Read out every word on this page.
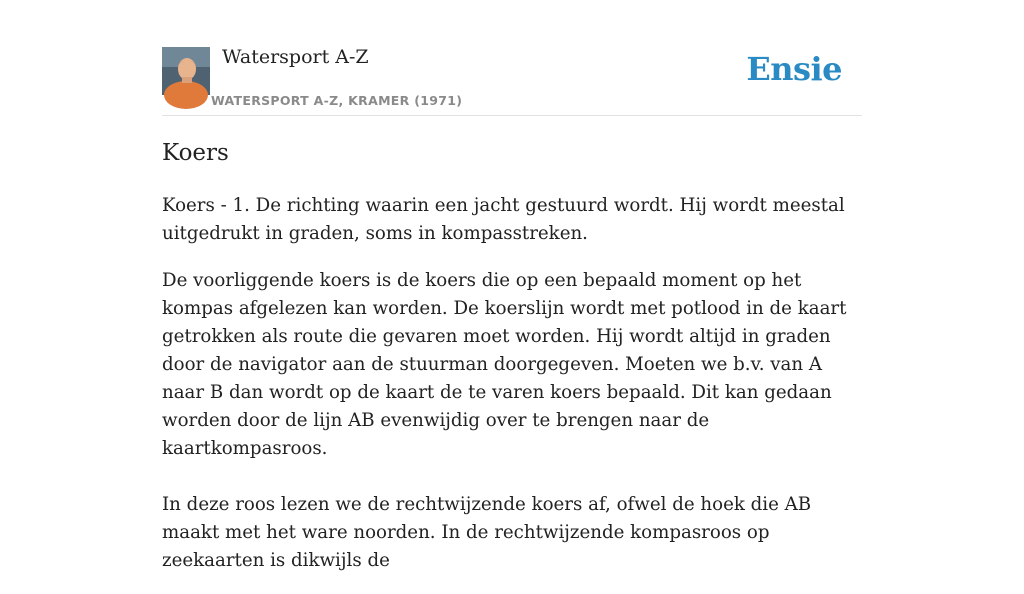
Watersport A-Z
WATERSPORT A-Z, KRAMER (1971)
Ensie
Koers

Koers - 1. De richting waarin een jacht gestuurd wordt. Hij wordt meestal uitgedrukt in graden, soms in kompasstreken.

De voorliggende koers is de koers die op een bepaald moment op het kompas afgelezen kan worden. De koerslijn wordt met potlood in de kaart getrokken als route die gevaren moet worden. Hij wordt altijd in graden door de navigator aan de stuurman doorgegeven. Moeten we b.v. van A naar B dan wordt op de kaart de te varen koers bepaald. Dit kan gedaan worden door de lijn AB evenwijdig over te brengen naar de kaartkompasroos.

In deze roos lezen we de rechtwijzende koers af, ofwel de hoek die AB maakt met het ware noorden. In de rechtwijzende kompasroos op zeekaarten is dikwijls de
